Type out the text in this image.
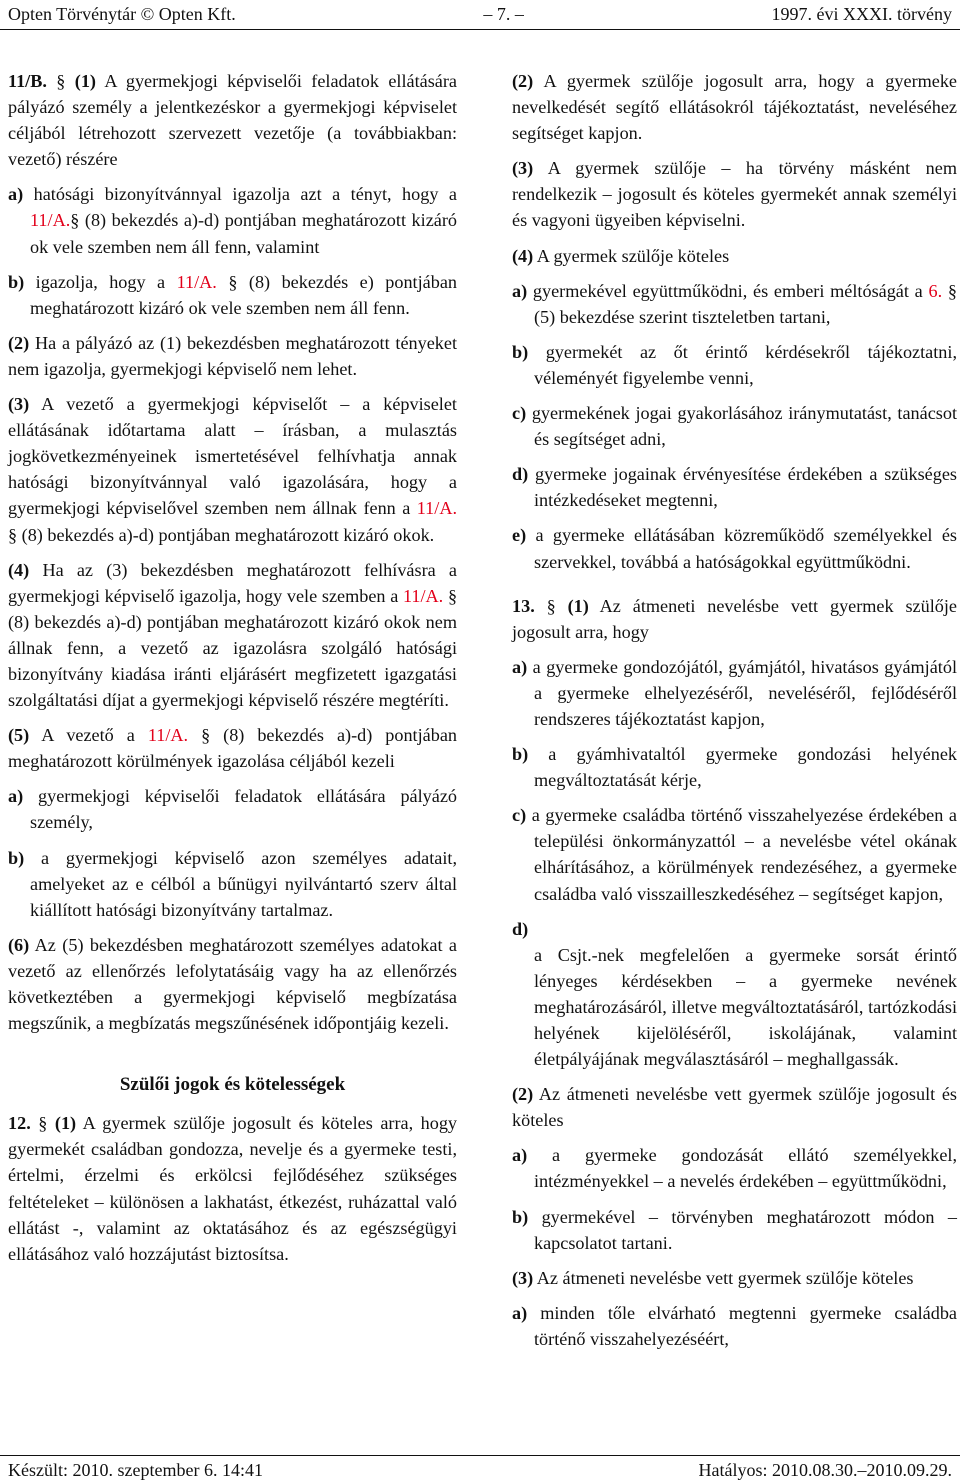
Opten Törvénytár © Opten Kft.	– 7. –	1997. évi XXXI. törvény

11/B. § (1) A gyermekjogi képviselői feladatok ellátására pályázó személy a jelentkezéskor a gyermekjogi képviselet céljából létrehozott szervezett vezetője (a továbbiakban: vezető) részére

a) hatósági bizonyítvánnyal igazolja azt a tényt, hogy a 11/A.§ (8) bekezdés a)-d) pontjában meghatározott kizáró ok vele szemben nem áll fenn, valamint

b) igazolja, hogy a 11/A. § (8) bekezdés e) pontjában meghatározott kizáró ok vele szemben nem áll fenn.

(2) Ha a pályázó az (1) bekezdésben meghatározott tényeket nem igazolja, gyermekjogi képviselő nem lehet.

(3) A vezető a gyermekjogi képviselőt – a képviselet ellátásának időtartama alatt – írásban, a mulasztás jogkövetkezményeinek ismertetésével felhívhatja annak hatósági bizonyítvánnyal való igazolására, hogy a gyermekjogi képviselővel szemben nem állnak fenn a 11/A. § (8) bekezdés a)-d) pontjában meghatározott kizáró okok.

(4) Ha az (3) bekezdésben meghatározott felhívásra a gyermekjogi képviselő igazolja, hogy vele szemben a 11/A. § (8) bekezdés a)-d) pontjában meghatározott kizáró okok nem állnak fenn, a vezető az igazolásra szolgáló hatósági bizonyítvány kiadása iránti eljárásért megfizetett igazgatási szolgáltatási díjat a gyermekjogi képviselő részére megtéríti.

(5) A vezető a 11/A. § (8) bekezdés a)-d) pontjában meghatározott körülmények igazolása céljából kezeli

a) gyermekjogi képviselői feladatok ellátására pályázó személy,

b) a gyermekjogi képviselő azon személyes adatait, amelyeket az e célból a bűnügyi nyilvántartó szerv által kiállított hatósági bizonyítvány tartalmaz.

(6) Az (5) bekezdésben meghatározott személyes adatokat a vezető az ellenőrzés lefolytatásáig vagy ha az ellenőrzés következtében a gyermekjogi képviselő megbízatása megszűnik, a megbízatás megszűnésének időpontjáig kezeli.

Szülői jogok és kötelességek

12. § (1) A gyermek szülője jogosult és köteles arra, hogy gyermekét családban gondozza, nevelje és a gyermeke testi, értelmi, érzelmi és erkölcsi fejlődéséhez szükséges feltételeket – különösen a lakhatást, étkezést, ruházattal való ellátást -, valamint az oktatásához és az egészségügyi ellátásához való hozzájutást biztosítsa.

(2) A gyermek szülője jogosult arra, hogy a gyermeke nevelkedését segítő ellátásokról tájékoztatást, neveléséhez segítséget kapjon.

(3) A gyermek szülője – ha törvény másként nem rendelkezik – jogosult és köteles gyermekét annak személyi és vagyoni ügyeiben képviselni.

(4) A gyermek szülője köteles

a) gyermekével együttműködni, és emberi méltóságát a 6. § (5) bekezdése szerint tiszteletben tartani,

b) gyermekét az őt érintő kérdésekről tájékoztatni, véleményét figyelembe venni,

c) gyermekének jogai gyakorlásához iránymutatást, tanácsot és segítséget adni,

d) gyermeke jogainak érvényesítése érdekében a szükséges intézkedéseket megtenni,

e) a gyermeke ellátásában közreműködő személyekkel és szervekkel, továbbá a hatóságokkal együttműködni.

13. § (1) Az átmeneti nevelésbe vett gyermek szülője jogosult arra, hogy

a) a gyermeke gondozójától, gyámjától, hivatásos gyámjától a gyermeke elhelyezéséről, neveléséről, fejlődéséről rendszeres tájékoztatást kapjon,

b) a gyámhivataltól gyermeke gondozási helyének megváltoztatását kérje,

c) a gyermeke családba történő visszahelyezése érdekében a települési önkormányzattól – a nevelésbe vétel okának elhárításához, a körülmények rendezéséhez, a gyermeke családba való visszailleszkedéséhez – segítséget kapjon,

d)
a Csjt.-nek megfelelően a gyermeke sorsát érintő lényeges kérdésekben – a gyermeke nevének meghatározásáról, illetve megváltoztatásáról, tartózkodási helyének kijelöléséről, iskolájának, valamint életpályájának megválasztásáról – meghallgassák.

(2) Az átmeneti nevelésbe vett gyermek szülője jogosult és köteles

a) a gyermeke gondozását ellátó személyekkel, intézményekkel – a nevelés érdekében – együttműködni,

b) gyermekével – törvényben meghatározott módon – kapcsolatot tartani.

(3) Az átmeneti nevelésbe vett gyermek szülője köteles

a) minden tőle elvárható megtenni gyermeke családba történő visszahelyezéséért,

Készült: 2010. szeptember 6. 14:41	Hatályos: 2010.08.30.–2010.09.29.
